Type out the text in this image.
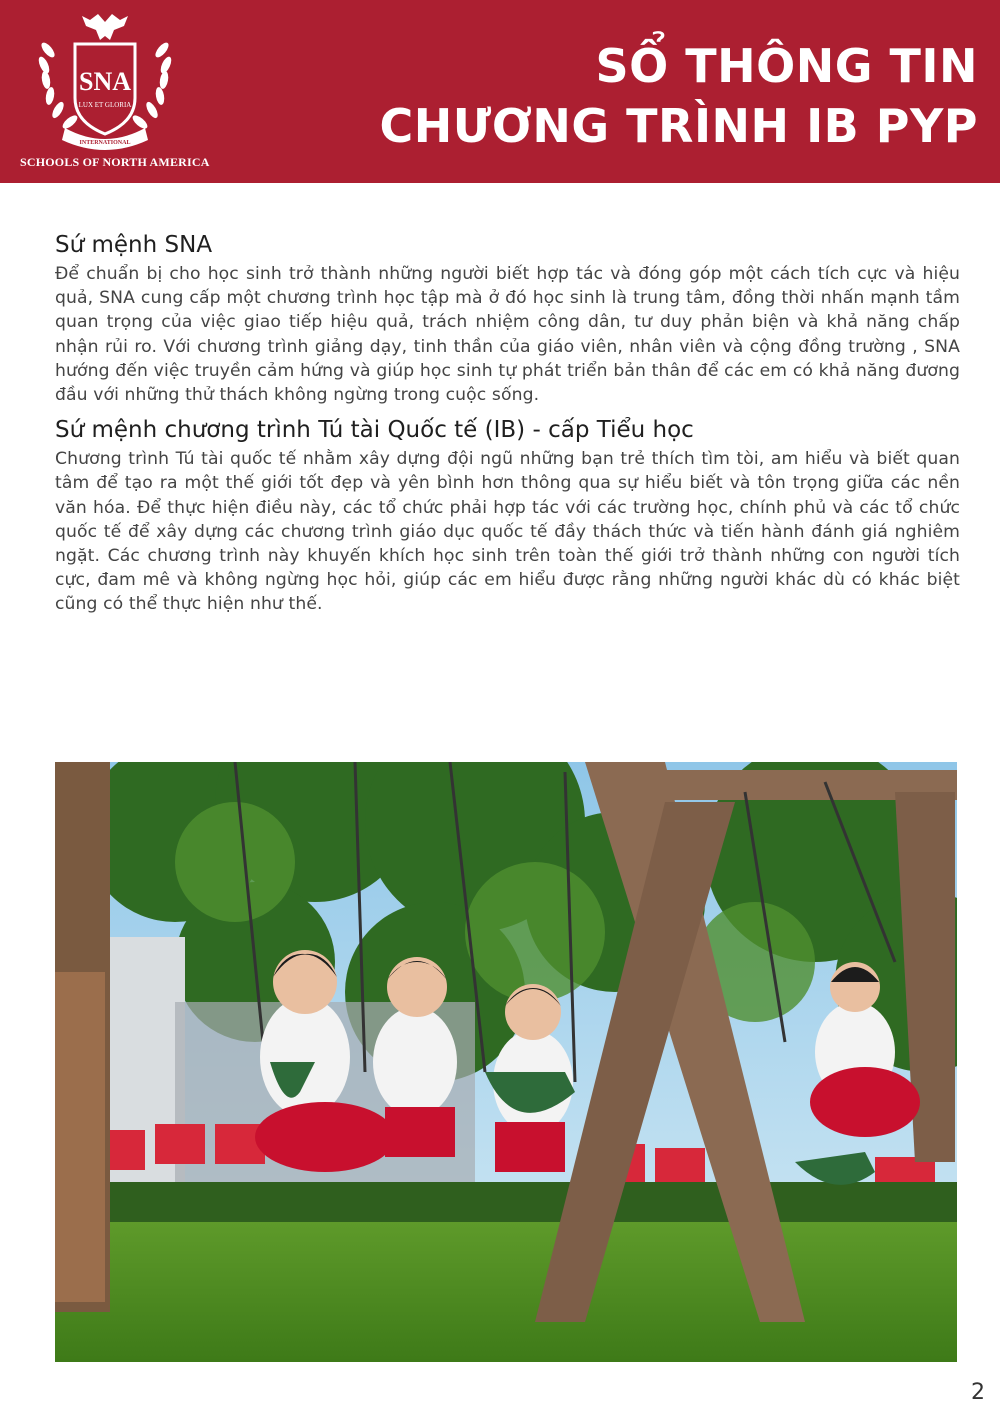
SNA
LUX ET GLORIA
INTERNATIONAL
SCHOOLS OF NORTH AMERICA
SỔ THÔNG TIN
CHƯƠNG TRÌNH IB PYP
Sứ mệnh SNA

Để chuẩn bị cho học sinh trở thành những người biết hợp tác và đóng góp một cách tích cực và hiệu quả, SNA cung cấp một chương trình học tập mà ở đó học sinh là trung tâm, đồng thời nhấn mạnh tầm quan trọng của việc giao tiếp hiệu quả, trách nhiệm công dân, tư duy phản biện và khả năng chấp nhận rủi ro. Với chương trình giảng dạy, tinh thần của giáo viên, nhân viên và cộng đồng trường , SNA hướng đến việc truyền cảm hứng và giúp học sinh tự phát triển bản thân để các em có khả năng đương đầu với những thử thách không ngừng trong cuộc sống.

Sứ mệnh chương trình Tú tài Quốc tế (IB) - cấp Tiểu học

Chương trình Tú tài quốc tế nhằm xây dựng đội ngũ những bạn trẻ thích tìm tòi, am hiểu và biết quan tâm để tạo ra một thế giới tốt đẹp và yên bình hơn thông qua sự hiểu biết và tôn trọng giữa các nền văn hóa. Để thực hiện điều này, các tổ chức phải hợp tác với các trường học, chính phủ và các tổ chức quốc tế để xây dựng các chương trình giáo dục quốc tế đầy thách thức và tiến hành đánh giá nghiêm ngặt. Các chương trình này khuyến khích học sinh trên toàn thế giới trở thành những con người tích cực, đam mê và không ngừng học hỏi, giúp các em hiểu được rằng những người khác dù có khác biệt cũng có thể thực hiện như thế.

2
